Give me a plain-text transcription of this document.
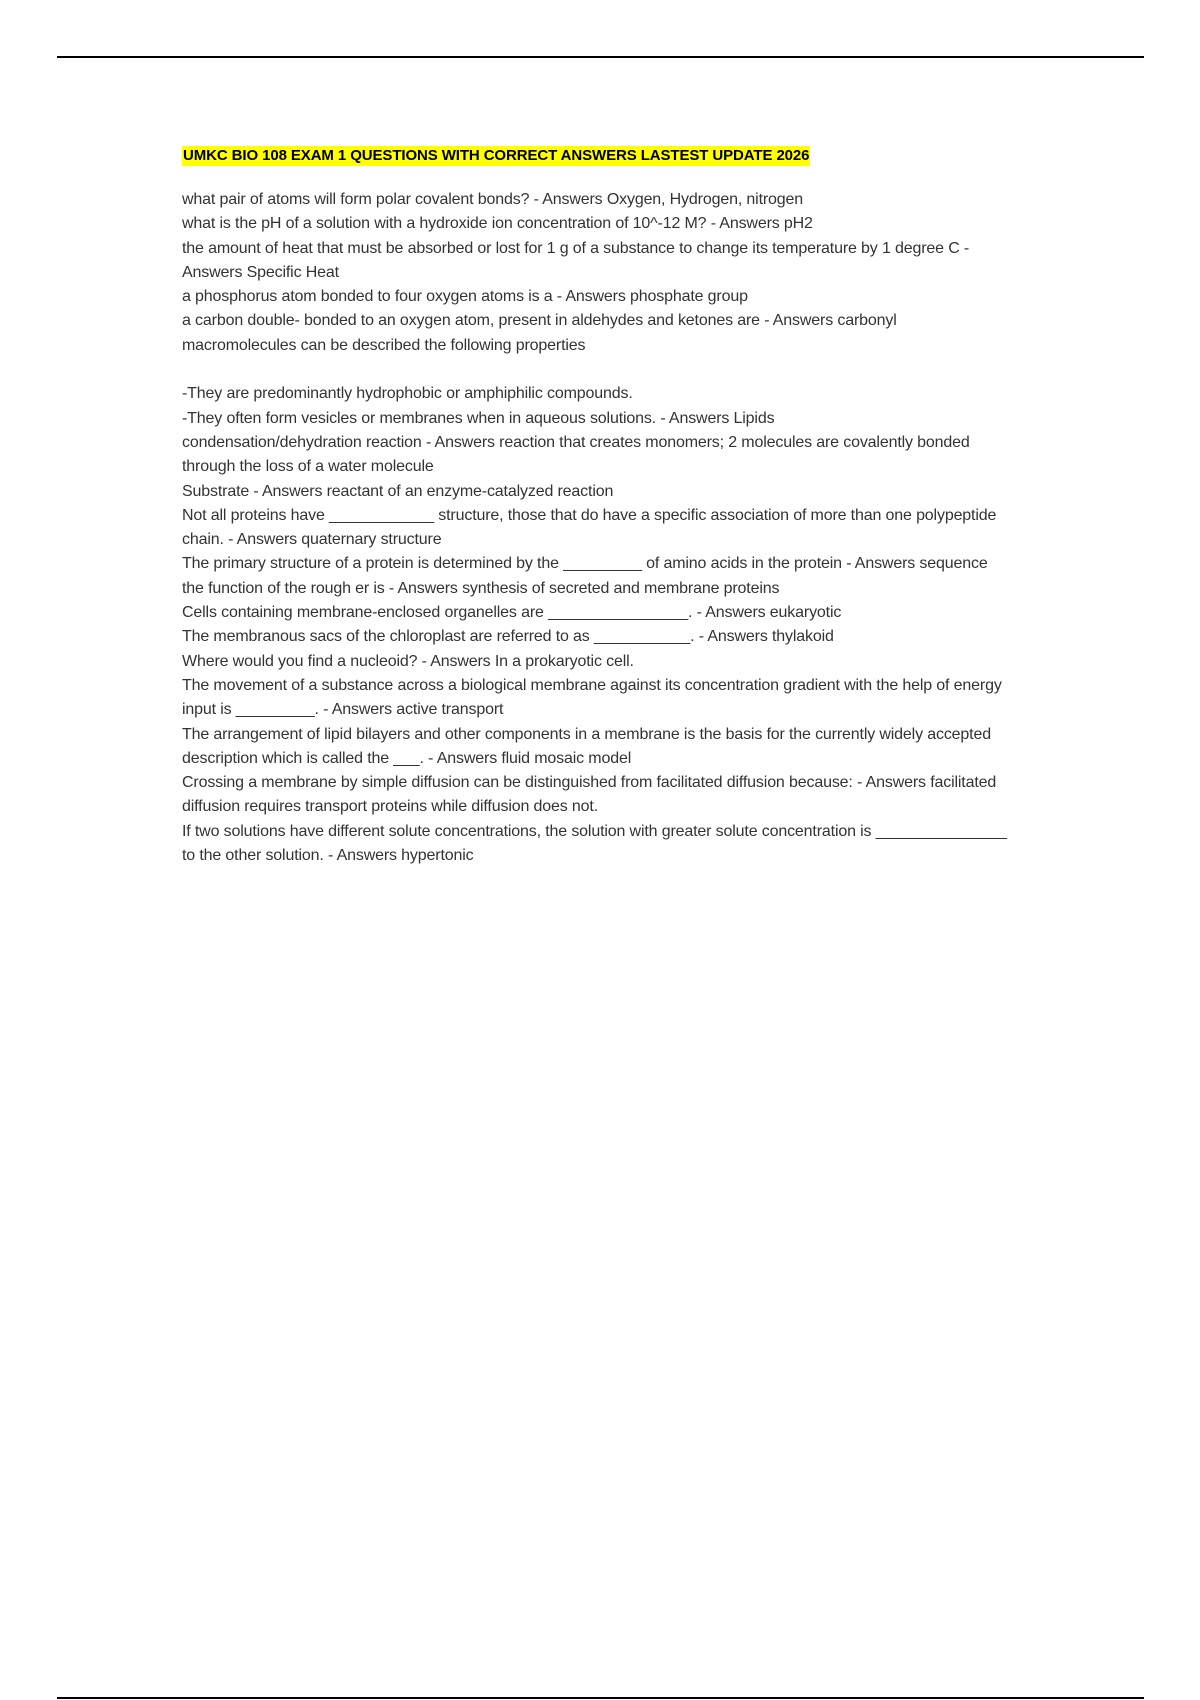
UMKC BIO 108 EXAM 1 QUESTIONS WITH CORRECT ANSWERS LASTEST UPDATE 2026

what pair of atoms will form polar covalent bonds? - Answers Oxygen, Hydrogen, nitrogen

what is the pH of a solution with a hydroxide ion concentration of 10^-12 M? - Answers pH2

the amount of heat that must be absorbed or lost for 1 g of a substance to change its temperature by 1 degree C - Answers Specific Heat

a phosphorus atom bonded to four oxygen atoms is a - Answers phosphate group

a carbon double- bonded to an oxygen atom, present in aldehydes and ketones are - Answers carbonyl

macromolecules can be described the following properties

-They are predominantly hydrophobic or amphiphilic compounds.

-They often form vesicles or membranes when in aqueous solutions. - Answers Lipids

condensation/dehydration reaction - Answers reaction that creates monomers; 2 molecules are covalently bonded through the loss of a water molecule

Substrate - Answers reactant of an enzyme-catalyzed reaction

Not all proteins have ____________ structure, those that do have a specific association of more than one polypeptide chain. - Answers quaternary structure

The primary structure of a protein is determined by the _________ of amino acids in the protein - Answers sequence

the function of the rough er is - Answers synthesis of secreted and membrane proteins

Cells containing membrane-enclosed organelles are ________________. - Answers eukaryotic

The membranous sacs of the chloroplast are referred to as ___________. - Answers thylakoid

Where would you find a nucleoid? - Answers In a prokaryotic cell.

The movement of a substance across a biological membrane against its concentration gradient with the help of energy input is _________. - Answers active transport

The arrangement of lipid bilayers and other components in a membrane is the basis for the currently widely accepted description which is called the ___. - Answers fluid mosaic model

Crossing a membrane by simple diffusion can be distinguished from facilitated diffusion because: - Answers facilitated diffusion requires transport proteins while diffusion does not.

If two solutions have different solute concentrations, the solution with greater solute concentration is _______________ to the other solution. - Answers hypertonic
